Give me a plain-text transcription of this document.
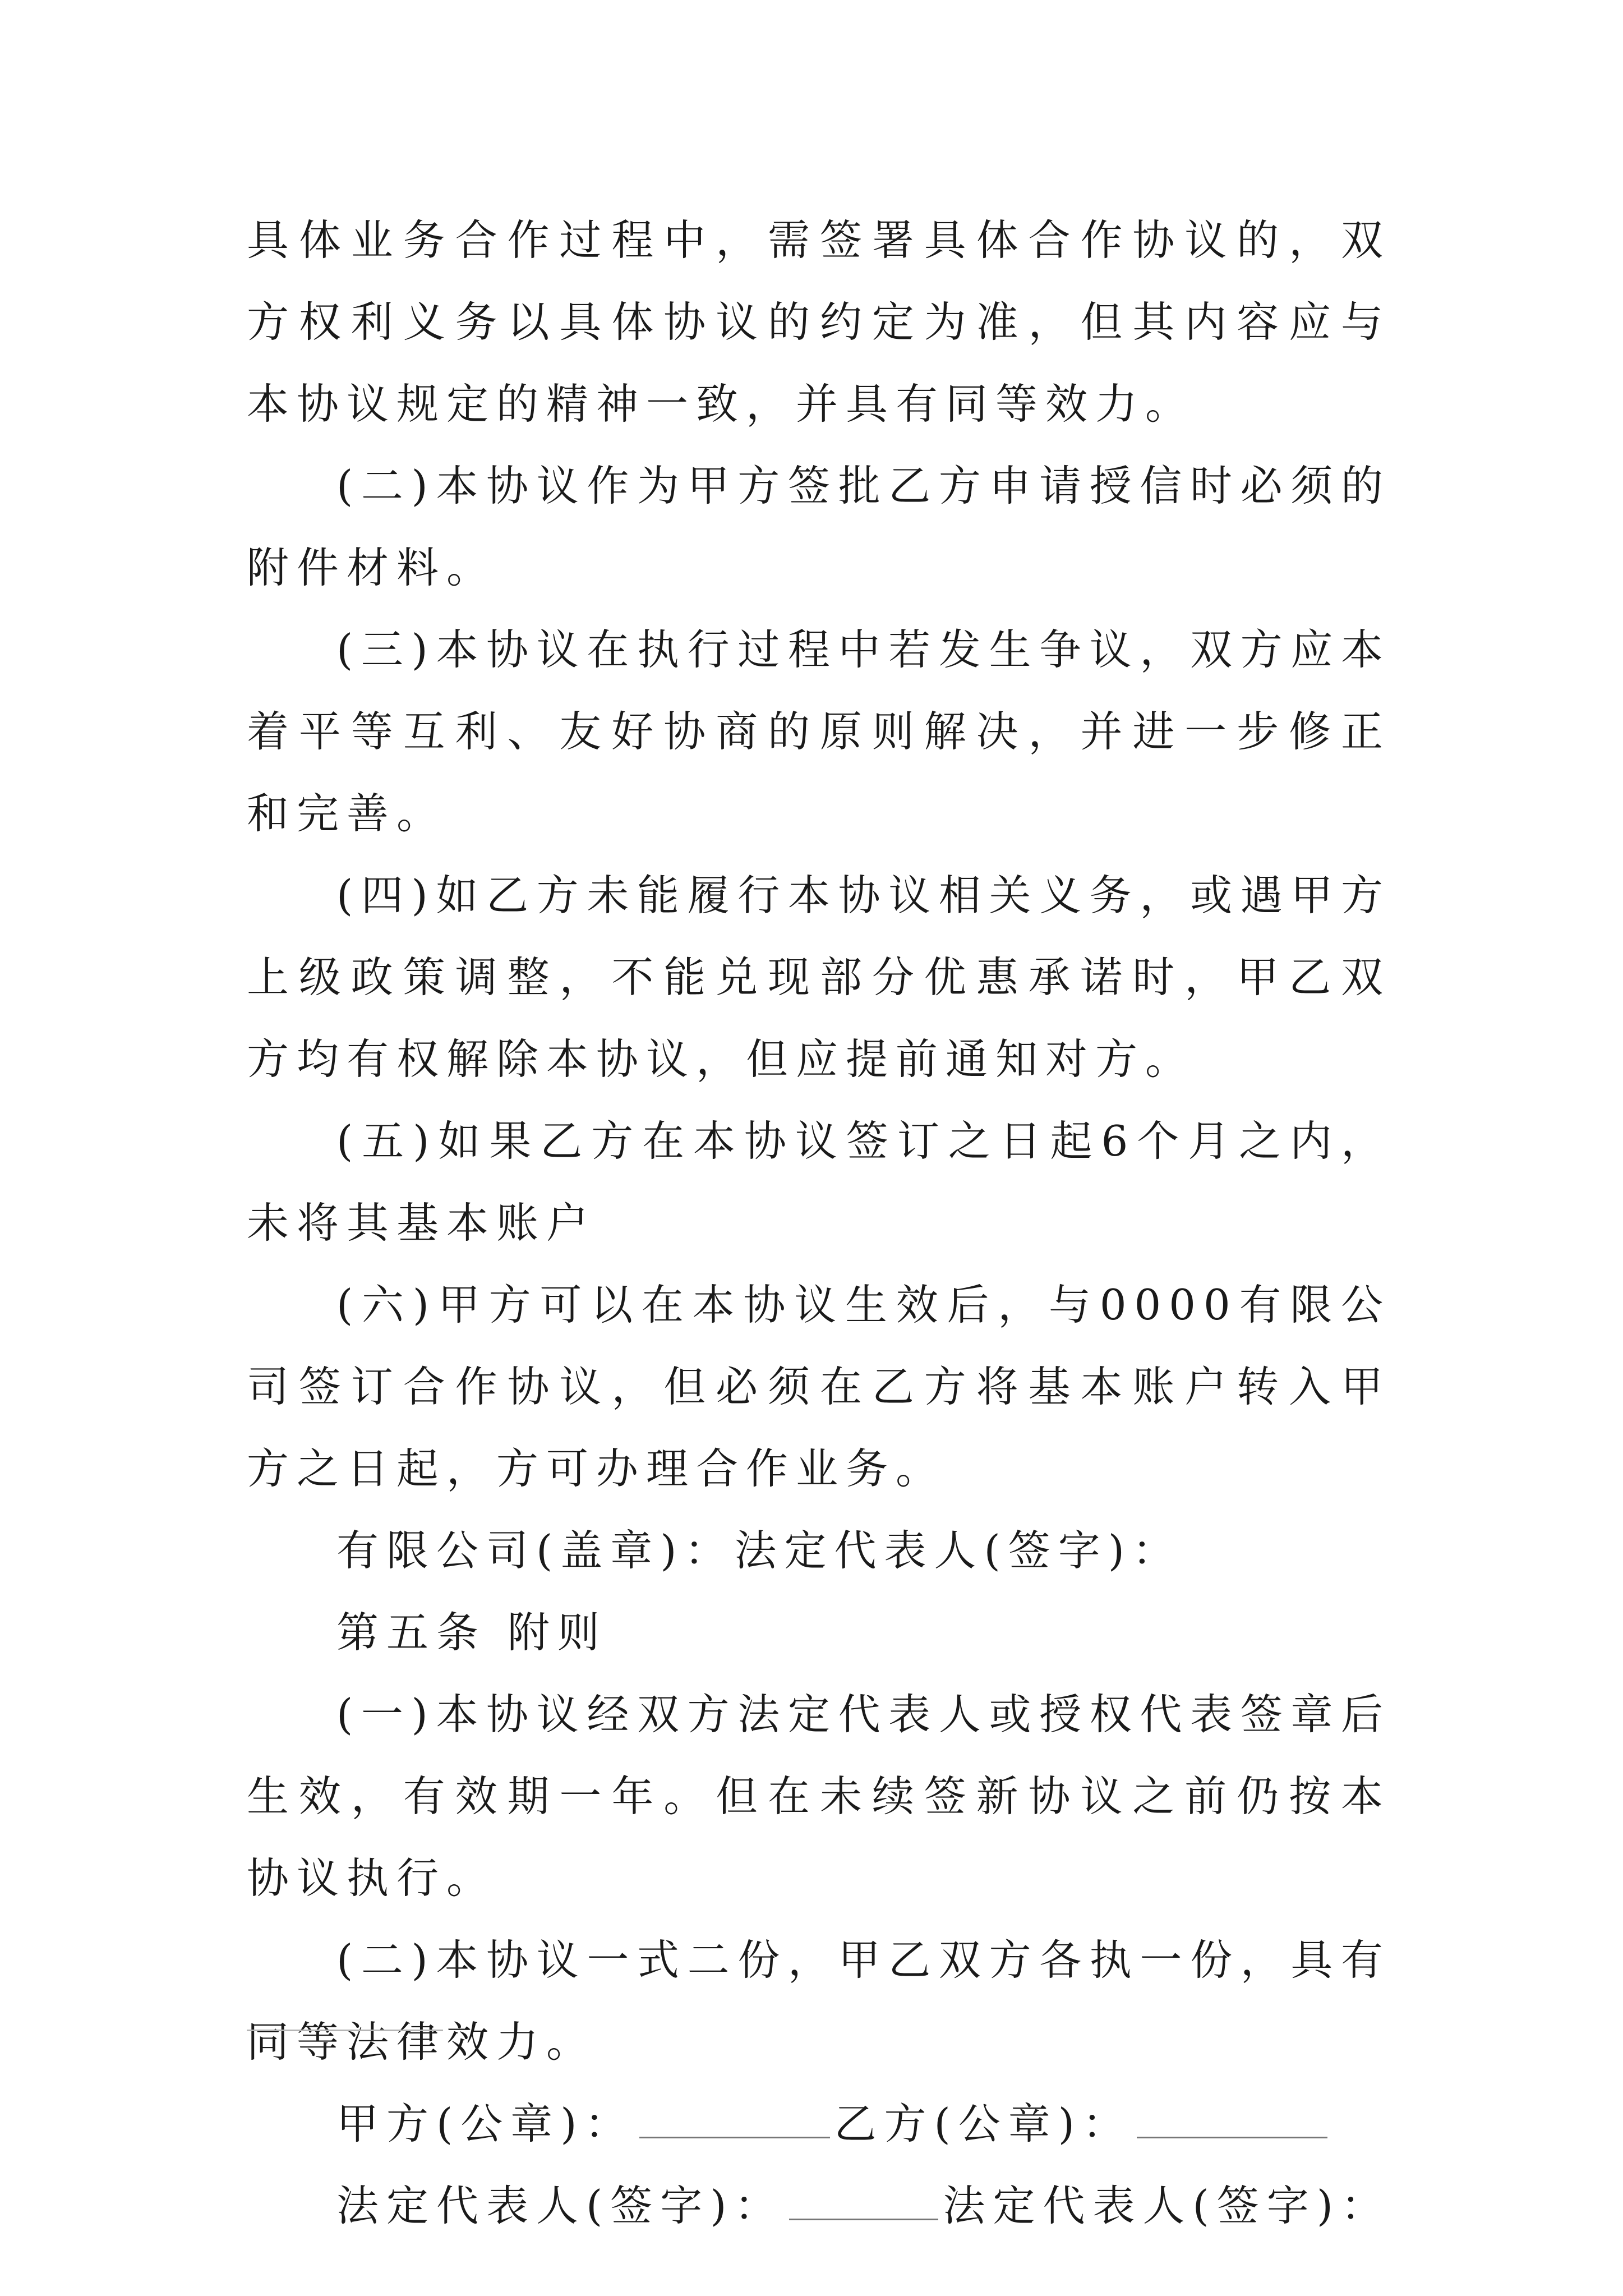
具体业务合作过程中，需签署具体合作协议的，双方权利义务以具体协议的约定为准，但其内容应与本协议规定的精神一致，并具有同等效力。

(二)本协议作为甲方签批乙方申请授信时必须的附件材料。

(三)本协议在执行过程中若发生争议，双方应本着平等互利、友好协商的原则解决，并进一步修正和完善。

(四)如乙方未能履行本协议相关义务，或遇甲方上级政策调整，不能兑现部分优惠承诺时，甲乙双方均有权解除本协议，但应提前通知对方。

(五)如果乙方在本协议签订之日起6个月之内，未将其基本账户

(六)甲方可以在本协议生效后，与0000有限公司签订合作协议，但必须在乙方将基本账户转入甲方之日起，方可办理合作业务。

有限公司(盖章)：法定代表人(签字)：

第五条 附则

(一)本协议经双方法定代表人或授权代表签章后生效，有效期一年。但在未续签新协议之前仍按本协议执行。

(二)本协议一式二份，甲乙双方各执一份，具有同等法律效力。

甲方(公章)：	乙方(公章)：
法定代表人(签字)：	法定代表人(签字)：
